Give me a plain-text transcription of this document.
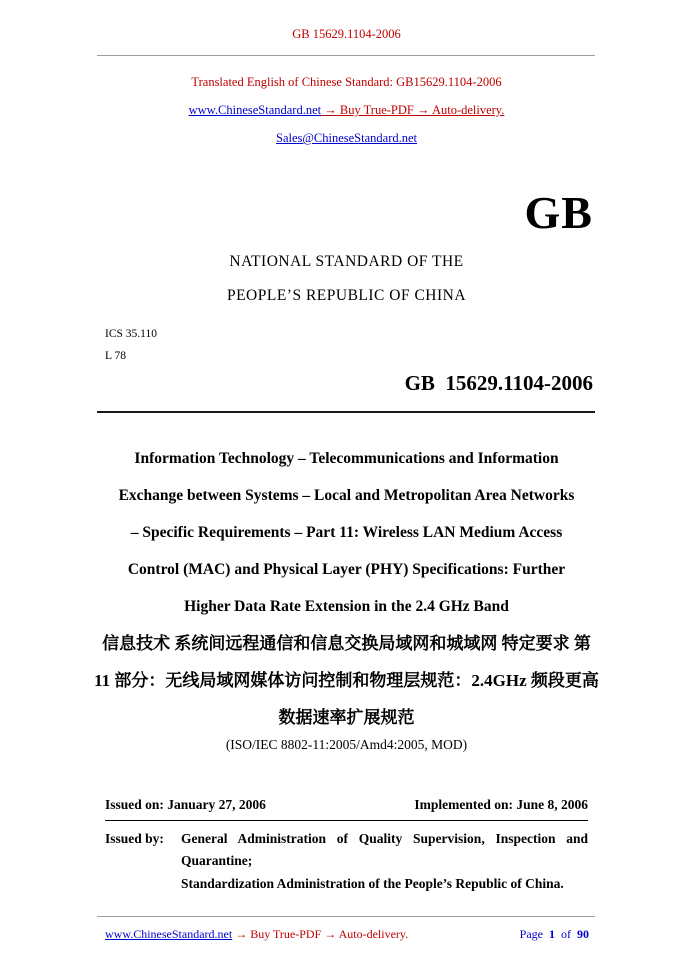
GB 15629.1104-2006
Translated English of Chinese Standard: GB15629.1104-2006
www.ChineseStandard.net → Buy True-PDF → Auto-delivery.
Sales@ChineseStandard.net
GB
NATIONAL STANDARD OF THE
PEOPLE’S REPUBLIC OF CHINA
ICS 35.110
L 78
GB  15629.1104-2006
Information Technology – Telecommunications and Information
Exchange between Systems – Local and Metropolitan Area Networks
– Specific Requirements – Part 11: Wireless LAN Medium Access
Control (MAC) and Physical Layer (PHY) Specifications: Further
Higher Data Rate Extension in the 2.4 GHz Band
信息技术 系统间远程通信和信息交换局域网和城域网 特定要求 第
11 部分：无线局域网媒体访问控制和物理层规范：2.4GHz 频段更高
数据速率扩展规范
(ISO/IEC 8802-11:2005/Amd4:2005, MOD)
Issued on: January 27, 2006	Implemented on: June 8, 2006
Issued by:	General Administration of Quality Supervision, Inspection and
Quarantine;
Standardization Administration of the People’s Republic of China.
www.ChineseStandard.net → Buy True-PDF → Auto-delivery.	Page 1 of 90
